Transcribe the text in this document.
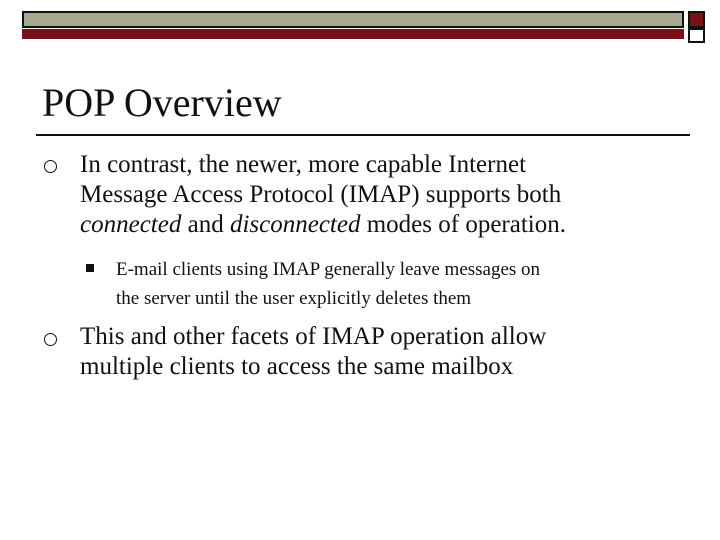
POP Overview
In contrast, the newer, more capable Internet
Message Access Protocol (IMAP) supports both
connected and disconnected modes of operation.
E-mail clients using IMAP generally leave messages on
the server until the user explicitly deletes them
This and other facets of IMAP operation allow
multiple clients to access the same mailbox
